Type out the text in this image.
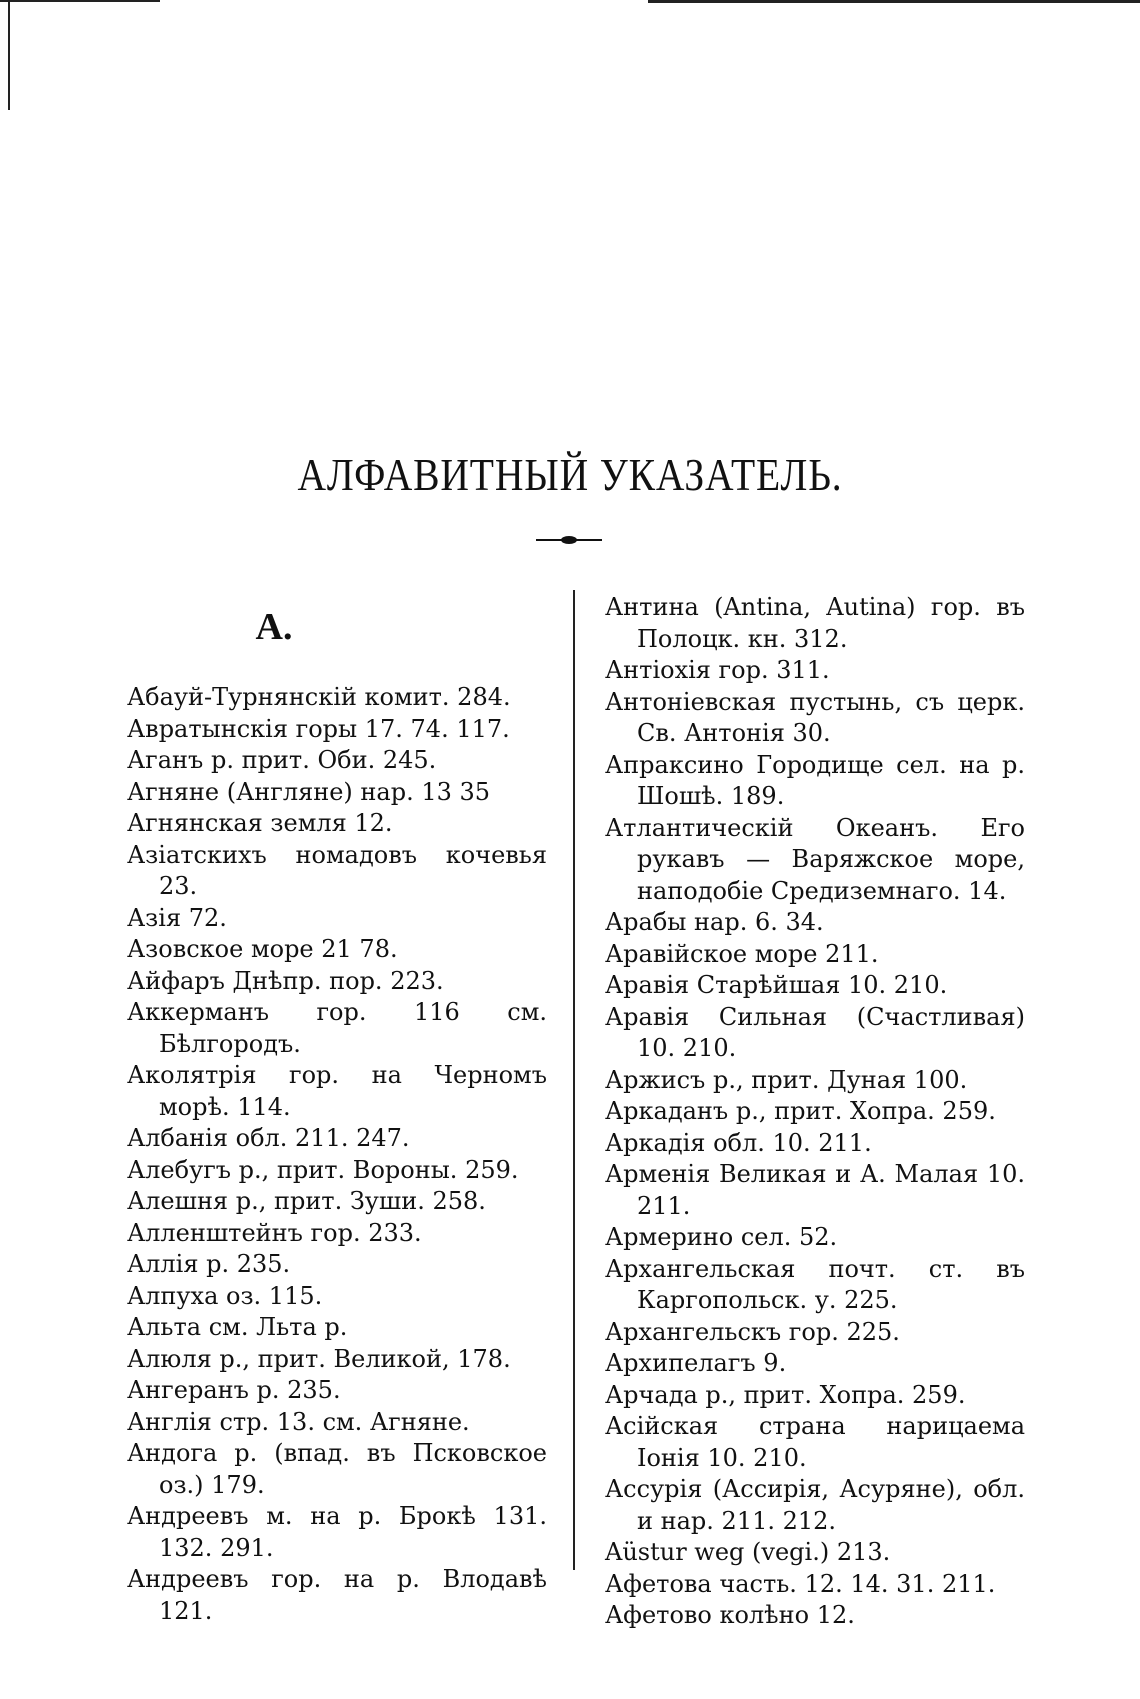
АЛФАВИТНЫЙ УКАЗАТЕЛЬ.
А.
Абауй-Турнянскій комит. 284.
Авратынскія горы 17. 74. 117.
Аганъ р. прит. Оби. 245.
Агняне (Англяне) нар. 13 35
Агнянская земля 12.
Азіатскихъ номадовъ кочевья 23.
Азія 72.
Азовское море 21 78.
Айфаръ Днѣпр. пор. 223.
Аккерманъ гор. 116 см. Бѣлгородъ.
Аколятрія гор. на Черномъ морѣ. 114.
Албанія обл. 211. 247.
Алебугъ р., прит. Вороны. 259.
Алешня р., прит. Зуши. 258.
Алленштейнъ гор. 233.
Аллія р. 235.
Алпуха оз. 115.
Альта см. Льта р.
Алюля р., прит. Великой, 178.
Ангеранъ р. 235.
Англія стр. 13. см. Агняне.
Андога р. (впад. въ Псковское оз.) 179.
Андреевъ м. на р. Брокѣ 131. 132. 291.
Андреевъ гор. на р. Влодавѣ 121.
Антина (Antina, Autina) гор. въ Полоцк. кн. 312.
Антіохія гор. 311.
Антоніевская пустынь, съ церк. Св. Антонія 30.
Апраксино Городище сел. на р. Шошѣ. 189.
Атлантическій Океанъ. Его рукавъ — Варяжское море, наподобіе Средиземнаго. 14.
Арабы нар. 6. 34.
Аравійское море 211.
Аравія Старѣйшая 10. 210.
Аравія Сильная (Счастливая) 10. 210.
Аржисъ р., прит. Дуная 100.
Аркаданъ р., прит. Хопра. 259.
Аркадія обл. 10. 211.
Арменія Великая и А. Малая 10. 211.
Армерино сел. 52.
Архангельская почт. ст. въ Каргопольск. у. 225.
Архангельскъ гор. 225.
Архипелагъ 9.
Арчада р., прит. Хопра. 259.
Асійская страна нарицаема Іонія 10. 210.
Ассурія (Ассирія, Асуряне), обл. и нар. 211. 212.
Aüstur weg (vegi.) 213.
Афетова часть. 12. 14. 31. 211.
Афетово колѣно 12.
